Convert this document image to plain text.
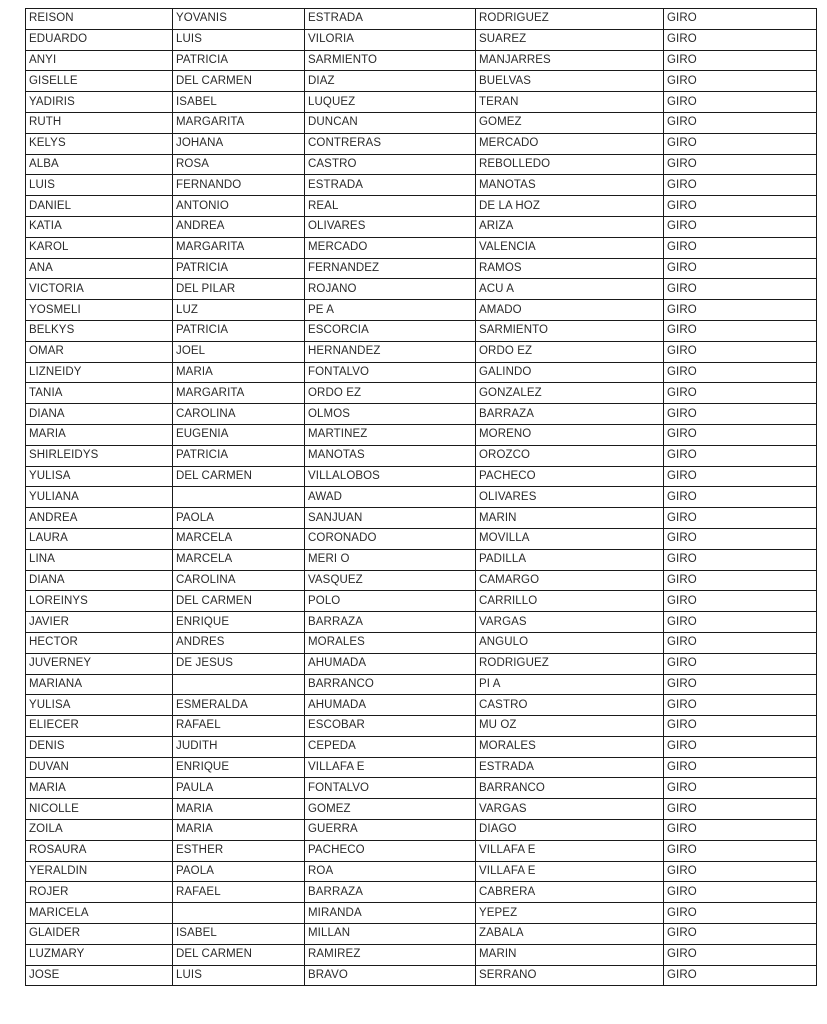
REISON	YOVANIS	ESTRADA	RODRIGUEZ	GIRO
EDUARDO	LUIS	VILORIA	SUAREZ	GIRO
ANYI	PATRICIA	SARMIENTO	MANJARRES	GIRO
GISELLE	DEL CARMEN	DIAZ	BUELVAS	GIRO
YADIRIS	ISABEL	LUQUEZ	TERAN	GIRO
RUTH	MARGARITA	DUNCAN	GOMEZ	GIRO
KELYS	JOHANA	CONTRERAS	MERCADO	GIRO
ALBA	ROSA	CASTRO	REBOLLEDO	GIRO
LUIS	FERNANDO	ESTRADA	MANOTAS	GIRO
DANIEL	ANTONIO	REAL	DE LA HOZ	GIRO
KATIA	ANDREA	OLIVARES	ARIZA	GIRO
KAROL	MARGARITA	MERCADO	VALENCIA	GIRO
ANA	PATRICIA	FERNANDEZ	RAMOS	GIRO
VICTORIA	DEL PILAR	ROJANO	ACU A	GIRO
YOSMELI	LUZ	PE A	AMADO	GIRO
BELKYS	PATRICIA	ESCORCIA	SARMIENTO	GIRO
OMAR	JOEL	HERNANDEZ	ORDO EZ	GIRO
LIZNEIDY	MARIA	FONTALVO	GALINDO	GIRO
TANIA	MARGARITA	ORDO EZ	GONZALEZ	GIRO
DIANA	CAROLINA	OLMOS	BARRAZA	GIRO
MARIA	EUGENIA	MARTINEZ	MORENO	GIRO
SHIRLEIDYS	PATRICIA	MANOTAS	OROZCO	GIRO
YULISA	DEL CARMEN	VILLALOBOS	PACHECO	GIRO
YULIANA		AWAD	OLIVARES	GIRO
ANDREA	PAOLA	SANJUAN	MARIN	GIRO
LAURA	MARCELA	CORONADO	MOVILLA	GIRO
LINA	MARCELA	MERI O	PADILLA	GIRO
DIANA	CAROLINA	VASQUEZ	CAMARGO	GIRO
LOREINYS	DEL CARMEN	POLO	CARRILLO	GIRO
JAVIER	ENRIQUE	BARRAZA	VARGAS	GIRO
HECTOR	ANDRES	MORALES	ANGULO	GIRO
JUVERNEY	DE JESUS	AHUMADA	RODRIGUEZ	GIRO
MARIANA		BARRANCO	PI A	GIRO
YULISA	ESMERALDA	AHUMADA	CASTRO	GIRO
ELIECER	RAFAEL	ESCOBAR	MU OZ	GIRO
DENIS	JUDITH	CEPEDA	MORALES	GIRO
DUVAN	ENRIQUE	VILLAFA E	ESTRADA	GIRO
MARIA	PAULA	FONTALVO	BARRANCO	GIRO
NICOLLE	MARIA	GOMEZ	VARGAS	GIRO
ZOILA	MARIA	GUERRA	DIAGO	GIRO
ROSAURA	ESTHER	PACHECO	VILLAFA E	GIRO
YERALDIN	PAOLA	ROA	VILLAFA E	GIRO
ROJER	RAFAEL	BARRAZA	CABRERA	GIRO
MARICELA		MIRANDA	YEPEZ	GIRO
GLAIDER	ISABEL	MILLAN	ZABALA	GIRO
LUZMARY	DEL CARMEN	RAMIREZ	MARIN	GIRO
JOSE	LUIS	BRAVO	SERRANO	GIRO
